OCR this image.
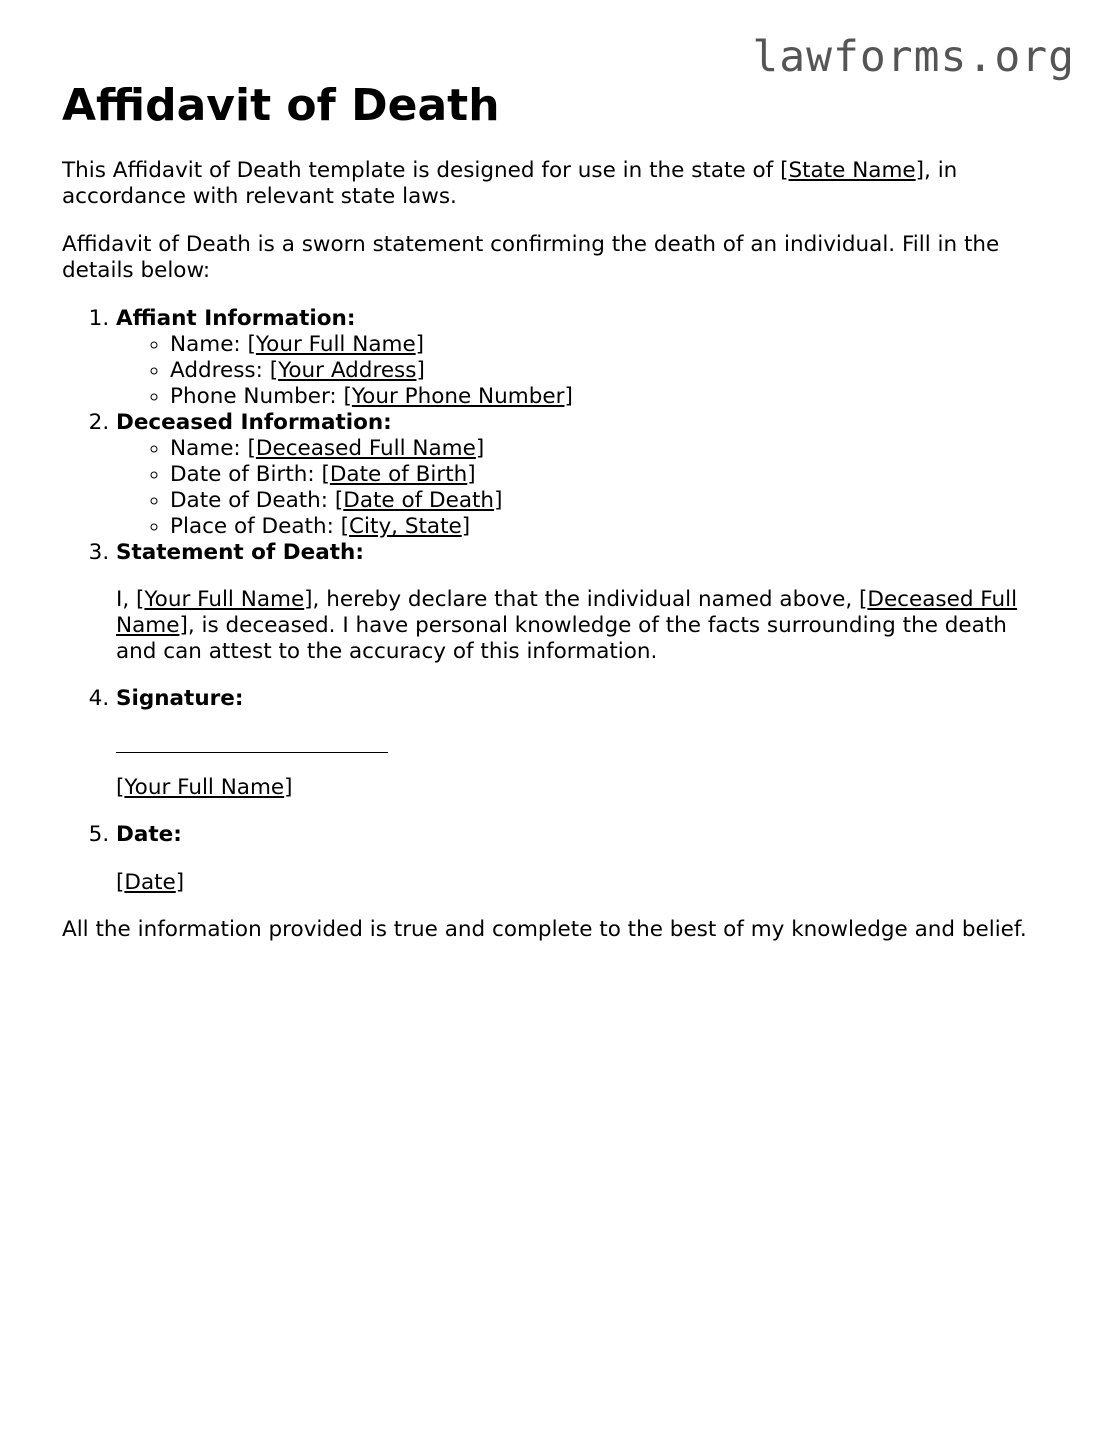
lawforms.org
Affidavit of Death

This Affidavit of Death template is designed for use in the state of [State Name], in accordance with relevant state laws.

Affidavit of Death is a sworn statement confirming the death of an individual. Fill in the details below:

1. Affiant Information:
◦ Name: [Your Full Name]
◦ Address: [Your Address]
◦ Phone Number: [Your Phone Number]
2. Deceased Information:
◦ Name: [Deceased Full Name]
◦ Date of Birth: [Date of Birth]
◦ Date of Death: [Date of Death]
◦ Place of Death: [City, State]
3. Statement of Death:

I, [Your Full Name], hereby declare that the individual named above, [Deceased Full Name], is deceased. I have personal knowledge of the facts surrounding the death and can attest to the accuracy of this information.

4. Signature:

[Your Full Name]

5. Date:

[Date]

All the information provided is true and complete to the best of my knowledge and belief.
